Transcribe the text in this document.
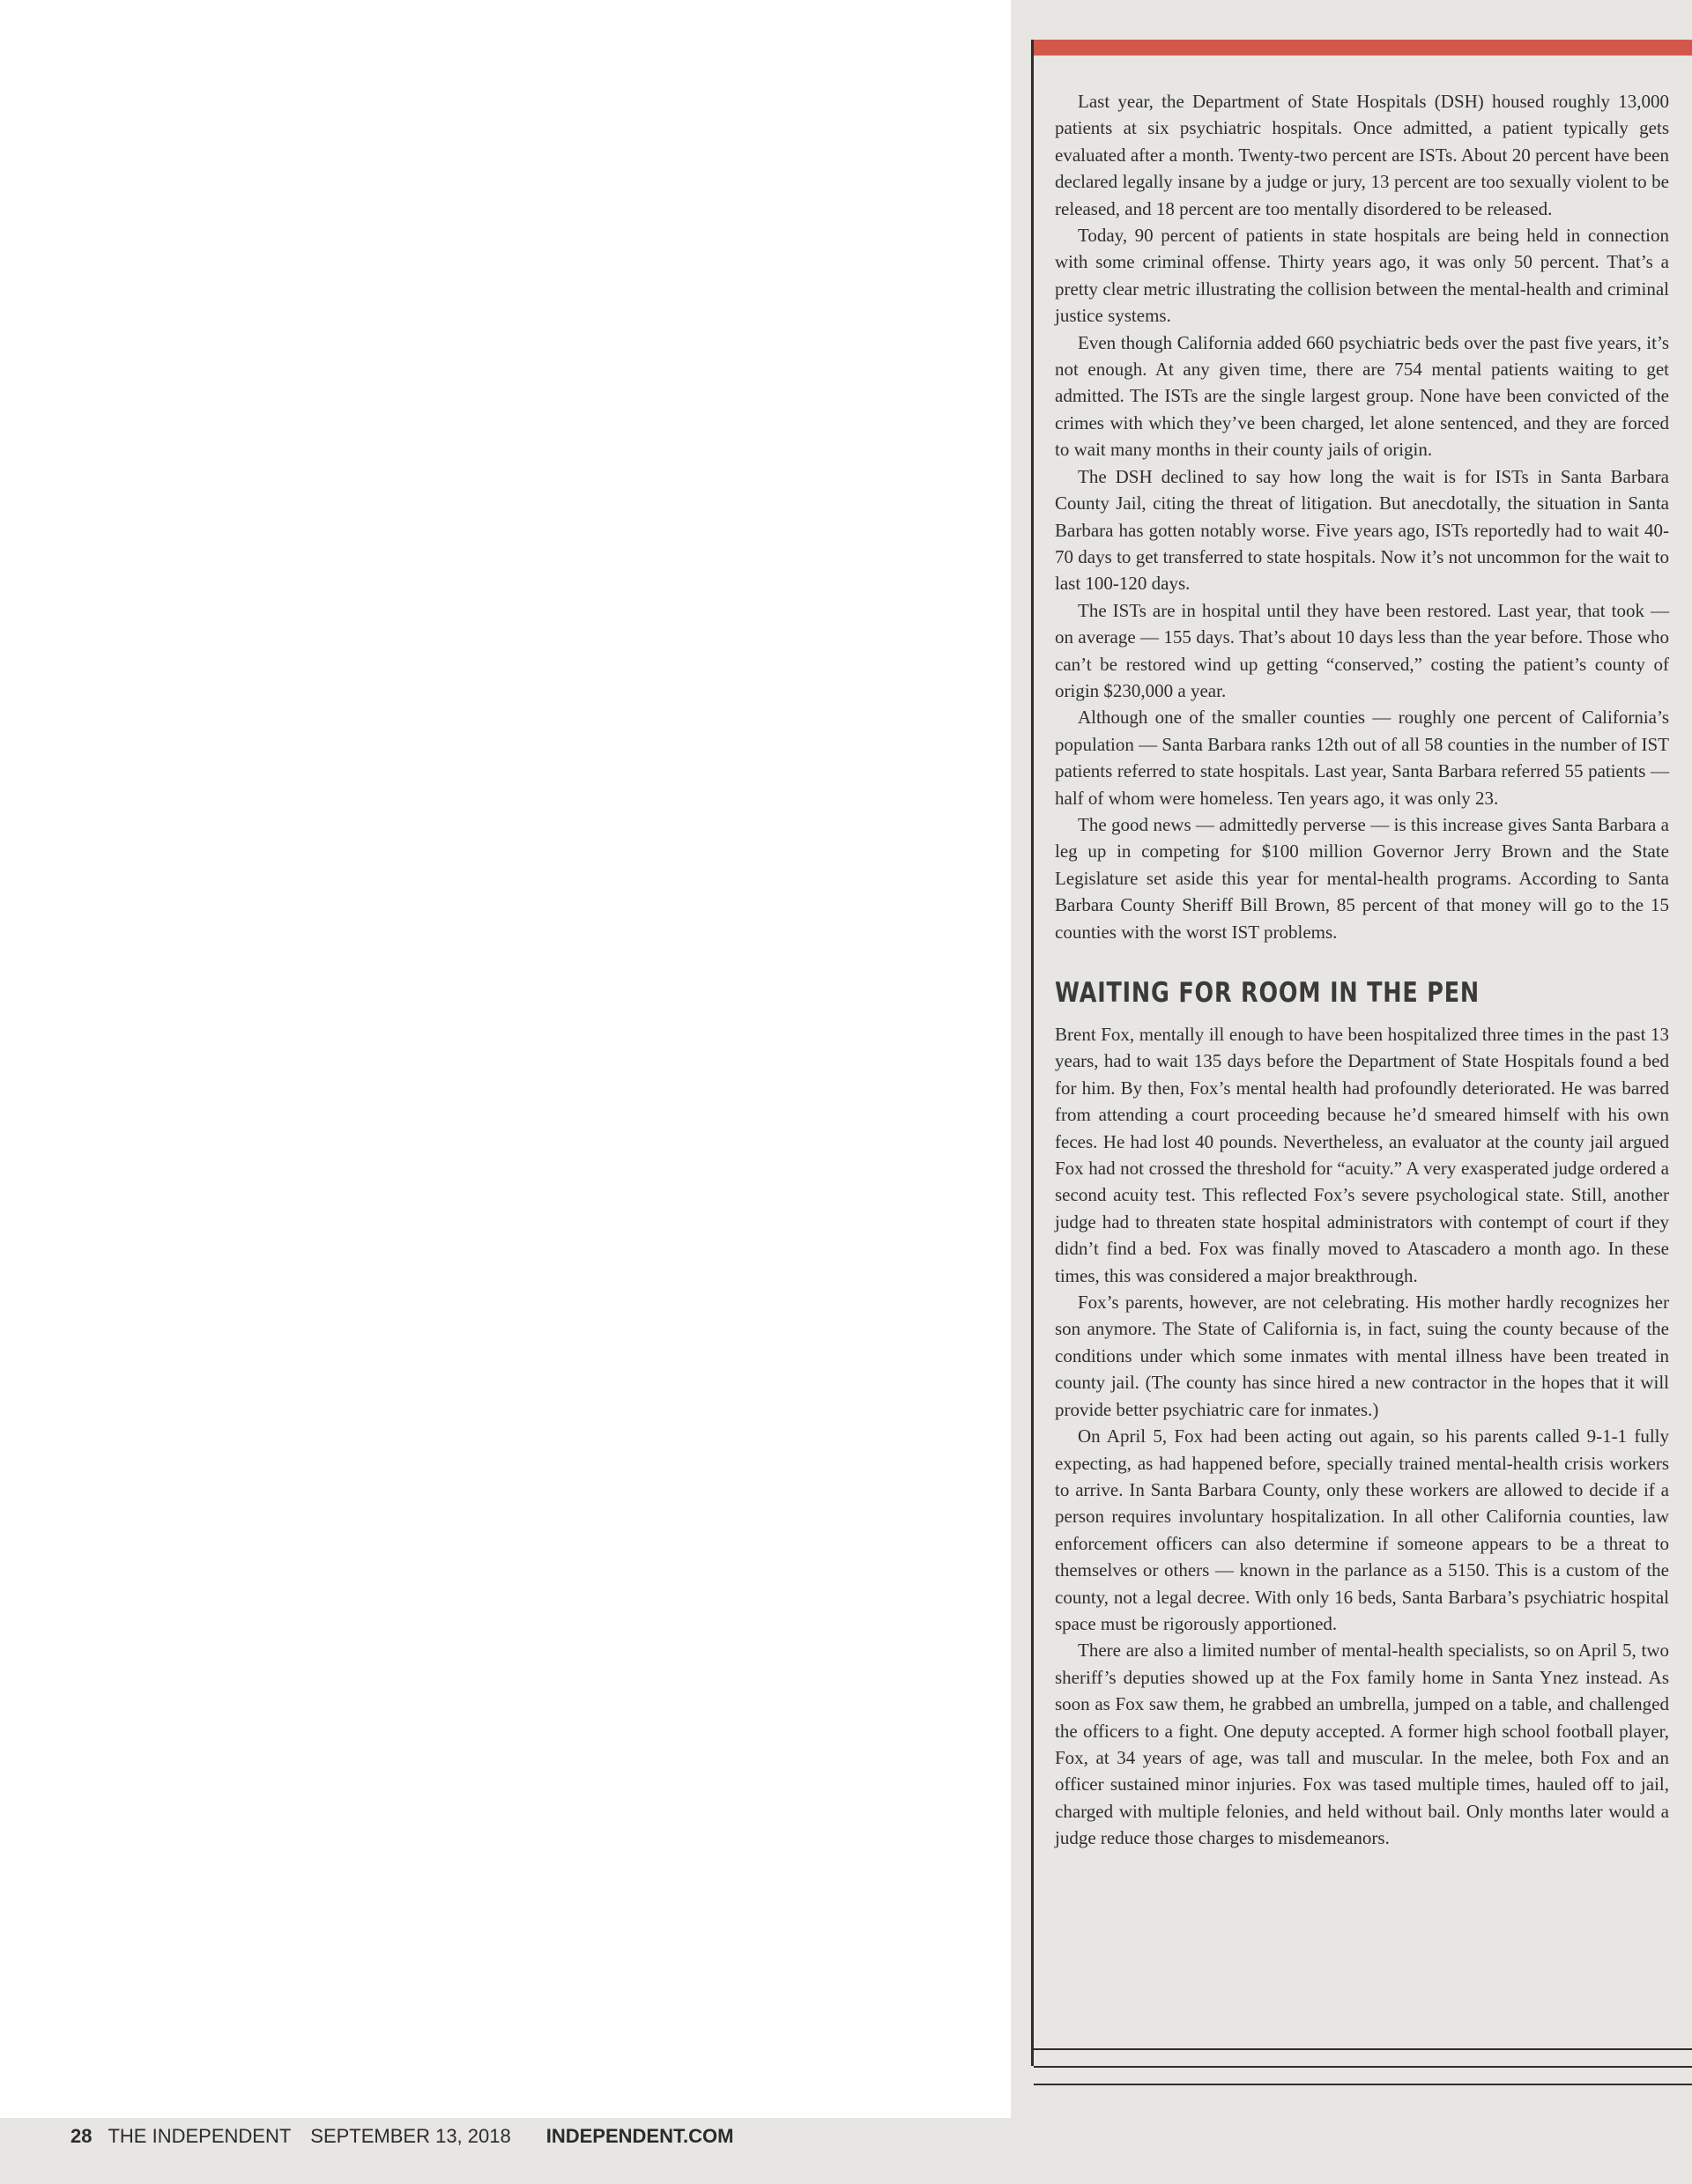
Last year, the Department of State Hospitals (DSH) housed roughly 13,000 patients at six psychiatric hospitals. Once admitted, a patient typically gets evaluated after a month. Twenty-two percent are ISTs. About 20 percent have been declared legally insane by a judge or jury, 13 percent are too sexually violent to be released, and 18 percent are too mentally disordered to be released.

Today, 90 percent of patients in state hospitals are being held in connection with some criminal offense. Thirty years ago, it was only 50 percent. That’s a pretty clear metric illustrating the collision between the mental-health and criminal justice systems.

Even though California added 660 psychiatric beds over the past five years, it’s not enough. At any given time, there are 754 mental patients waiting to get admitted. The ISTs are the single largest group. None have been convicted of the crimes with which they’ve been charged, let alone sentenced, and they are forced to wait many months in their county jails of origin.

The DSH declined to say how long the wait is for ISTs in Santa Barbara County Jail, citing the threat of litigation. But anecdotally, the situation in Santa Barbara has gotten notably worse. Five years ago, ISTs reportedly had to wait 40-70 days to get transferred to state hospitals. Now it’s not uncommon for the wait to last 100-120 days.

The ISTs are in hospital until they have been restored. Last year, that took — on average — 155 days. That’s about 10 days less than the year before. Those who can’t be restored wind up getting “conserved,” costing the patient’s county of origin $230,000 a year.

Although one of the smaller counties — roughly one percent of California’s population — Santa Barbara ranks 12th out of all 58 counties in the number of IST patients referred to state hospitals. Last year, Santa Barbara referred 55 patients — half of whom were homeless. Ten years ago, it was only 23.

The good news — admittedly perverse — is this increase gives Santa Barbara a leg up in competing for $100 million Governor Jerry Brown and the State Legislature set aside this year for mental-health programs. According to Santa Barbara County Sheriff Bill Brown, 85 percent of that money will go to the 15 counties with the worst IST problems.

WAITING FOR ROOM IN THE PEN

Brent Fox, mentally ill enough to have been hospitalized three times in the past 13 years, had to wait 135 days before the Department of State Hospitals found a bed for him. By then, Fox’s mental health had profoundly deteriorated. He was barred from attending a court proceeding because he’d smeared himself with his own feces. He had lost 40 pounds. Nevertheless, an evaluator at the county jail argued Fox had not crossed the threshold for “acuity.” A very exasperated judge ordered a second acuity test. This reflected Fox’s severe psychological state. Still, another judge had to threaten state hospital administrators with contempt of court if they didn’t find a bed. Fox was finally moved to Atascadero a month ago. In these times, this was considered a major breakthrough.

Fox’s parents, however, are not celebrating. His mother hardly recognizes her son anymore. The State of California is, in fact, suing the county because of the conditions under which some inmates with mental illness have been treated in county jail. (The county has since hired a new contractor in the hopes that it will provide better psychiatric care for inmates.)

On April 5, Fox had been acting out again, so his parents called 9-1-1 fully expecting, as had happened before, specially trained mental-health crisis workers to arrive. In Santa Barbara County, only these workers are allowed to decide if a person requires involuntary hospitalization. In all other California counties, law enforcement officers can also determine if someone appears to be a threat to themselves or others — known in the parlance as a 5150. This is a custom of the county, not a legal decree. With only 16 beds, Santa Barbara’s psychiatric hospital space must be rigorously apportioned.

There are also a limited number of mental-health specialists, so on April 5, two sheriff’s deputies showed up at the Fox family home in Santa Ynez instead. As soon as Fox saw them, he grabbed an umbrella, jumped on a table, and challenged the officers to a fight. One deputy accepted. A former high school football player, Fox, at 34 years of age, was tall and muscular. In the melee, both Fox and an officer sustained minor injuries. Fox was tased multiple times, hauled off to jail, charged with multiple felonies, and held without bail. Only months later would a judge reduce those charges to misdemeanors.

28 THE INDEPENDENT SEPTEMBER 13, 2018 INDEPENDENT.COM
